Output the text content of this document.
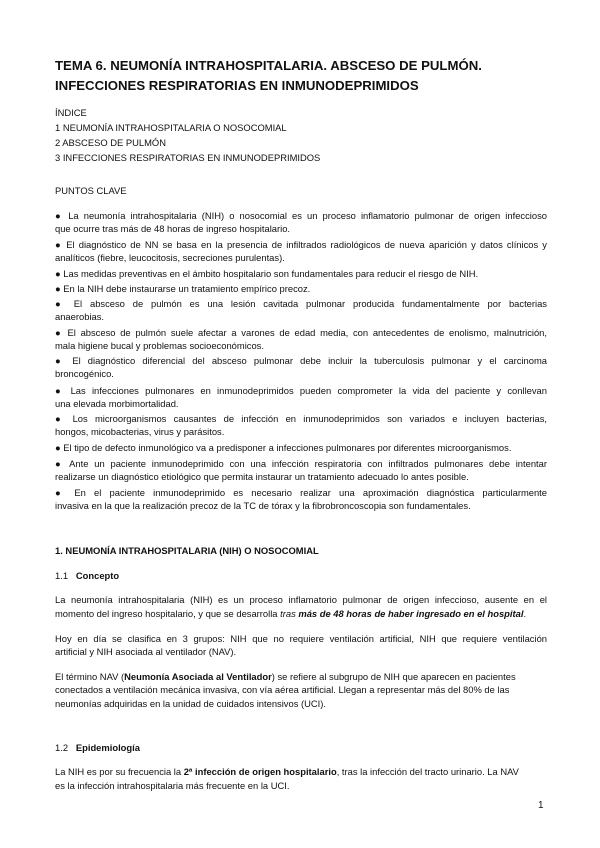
TEMA 6. NEUMONÍA INTRAHOSPITALARIA. ABSCESO DE PULMÓN.
INFECCIONES RESPIRATORIAS EN INMUNODEPRIMIDOS
ÍNDICE
1 NEUMONÍA INTRAHOSPITALARIA O NOSOCOMIAL
2 ABSCESO DE PULMÓN
3 INFECCIONES RESPIRATORIAS EN INMUNODEPRIMIDOS
PUNTOS CLAVE
● La neumonía intrahospitalaria (NIH) o nosocomial es un proceso inflamatorio pulmonar de origen infeccioso
que ocurre tras más de 48 horas de ingreso hospitalario.
● El diagnóstico de NN se basa en la presencia de infiltrados radiológicos de nueva aparición y datos clínicos y
analíticos (fiebre, leucocitosis, secreciones purulentas).
● Las medidas preventivas en el ámbito hospitalario son fundamentales para reducir el riesgo de NIH.
● En la NIH debe instaurarse un tratamiento empírico precoz.
● El absceso de pulmón es una lesión cavitada pulmonar producida fundamentalmente por bacterias
anaerobias.
● El absceso de pulmón suele afectar a varones de edad media, con antecedentes de enolismo, malnutrición,
mala higiene bucal y problemas socioeconómicos.
● El diagnóstico diferencial del absceso pulmonar debe incluir la tuberculosis pulmonar y el carcinoma
broncogénico.
● Las infecciones pulmonares en inmunodeprimidos pueden comprometer la vida del paciente y conllevan
una elevada morbimortalidad.
● Los microorganismos causantes de infección en inmunodeprimidos son variados e incluyen bacterias,
hongos, micobacterias, virus y parásitos.
● El tipo de defecto inmunológico va a predisponer a infecciones pulmonares por diferentes microorganismos.
● Ante un paciente inmunodeprimido con una infección respiratoria con infiltrados pulmonares debe intentar
realizarse un diagnóstico etiológico que permita instaurar un tratamiento adecuado lo antes posible.
● En el paciente inmunodeprimido es necesario realizar una aproximación diagnóstica particularmente
invasiva en la que la realización precoz de la TC de tórax y la fibrobroncoscopia son fundamentales.
1. NEUMONÍA INTRAHOSPITALARIA (NIH) O NOSOCOMIAL
1.1 Concepto
La neumonía intrahospitalaria (NIH) es un proceso inflamatorio pulmonar de origen infeccioso, ausente en el
momento del ingreso hospitalario, y que se desarrolla tras más de 48 horas de haber ingresado en el hospital.
Hoy en día se clasifica en 3 grupos: NIH que no requiere ventilación artificial, NIH que requiere ventilación
artificial y NIH asociada al ventilador (NAV).
El término NAV (Neumonía Asociada al Ventilador) se refiere al subgrupo de NIH que aparecen en pacientes
conectados a ventilación mecánica invasiva, con vía aérea artificial. Llegan a representar más del 80% de las
neumonías adquiridas en la unidad de cuidados intensivos (UCI).
1.2 Epidemiología
La NIH es por su frecuencia la 2ª infección de origen hospitalario, tras la infección del tracto urinario. La NAV
es la infección intrahospitalaria más frecuente en la UCI.
1
